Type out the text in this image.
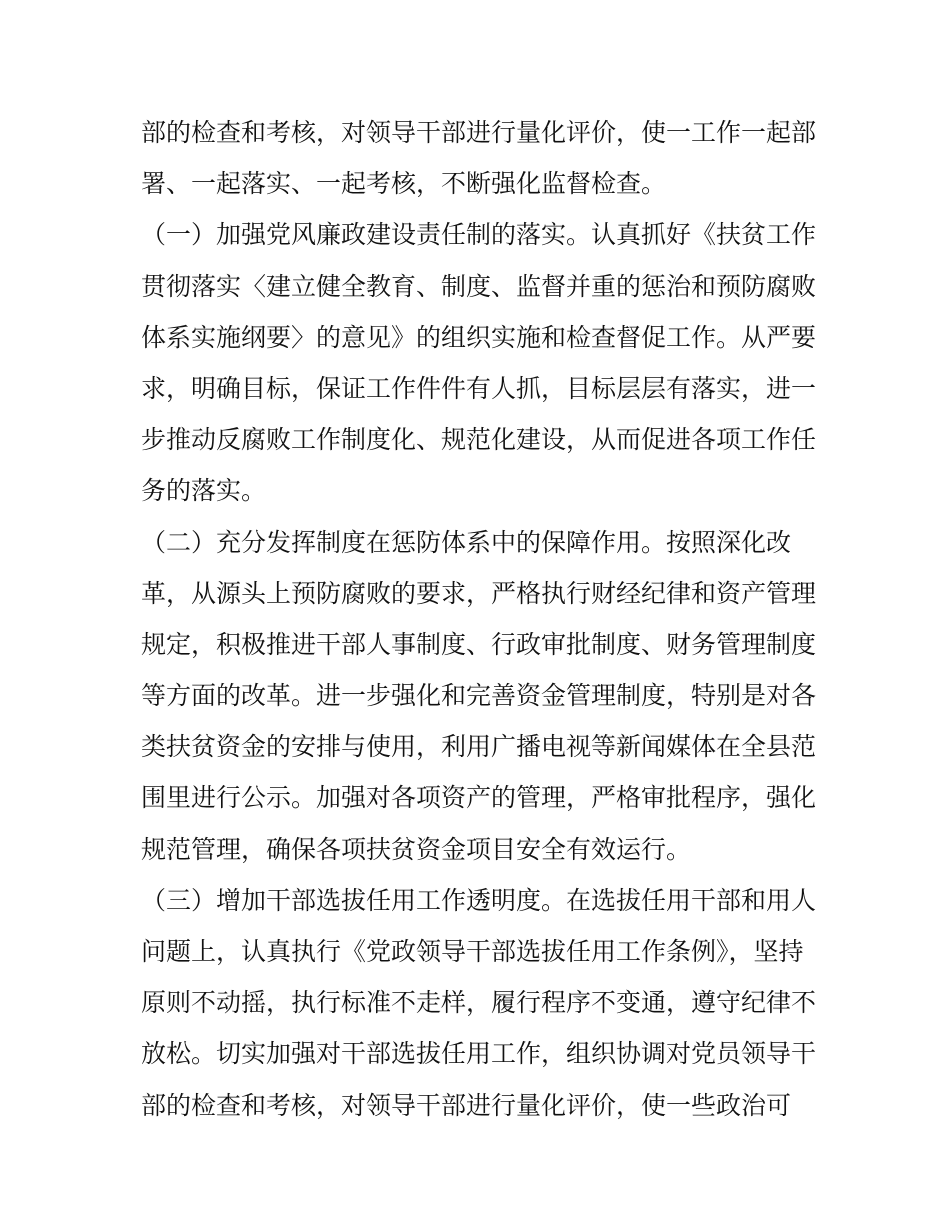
部的检查和考核，对领导干部进行量化评价，使一工作一起部
署、一起落实、一起考核，不断强化监督检查。
（一）加强党风廉政建设责任制的落实。认真抓好《扶贫工作
贯彻落实〈建立健全教育、制度、监督并重的惩治和预防腐败
体系实施纲要〉的意见》的组织实施和检查督促工作。从严要
求，明确目标，保证工作件件有人抓，目标层层有落实，进一
步推动反腐败工作制度化、规范化建设，从而促进各项工作任
务的落实。
（二）充分发挥制度在惩防体系中的保障作用。按照深化改
革，从源头上预防腐败的要求，严格执行财经纪律和资产管理
规定，积极推进干部人事制度、行政审批制度、财务管理制度
等方面的改革。进一步强化和完善资金管理制度，特别是对各
类扶贫资金的安排与使用，利用广播电视等新闻媒体在全县范
围里进行公示。加强对各项资产的管理，严格审批程序，强化
规范管理，确保各项扶贫资金项目安全有效运行。
（三）增加干部选拔任用工作透明度。在选拔任用干部和用人
问题上，认真执行《党政领导干部选拔任用工作条例》，坚持
原则不动摇，执行标准不走样，履行程序不变通，遵守纪律不
放松。切实加强对干部选拔任用工作，组织协调对党员领导干
部的检查和考核，对领导干部进行量化评价，使一些政治可
